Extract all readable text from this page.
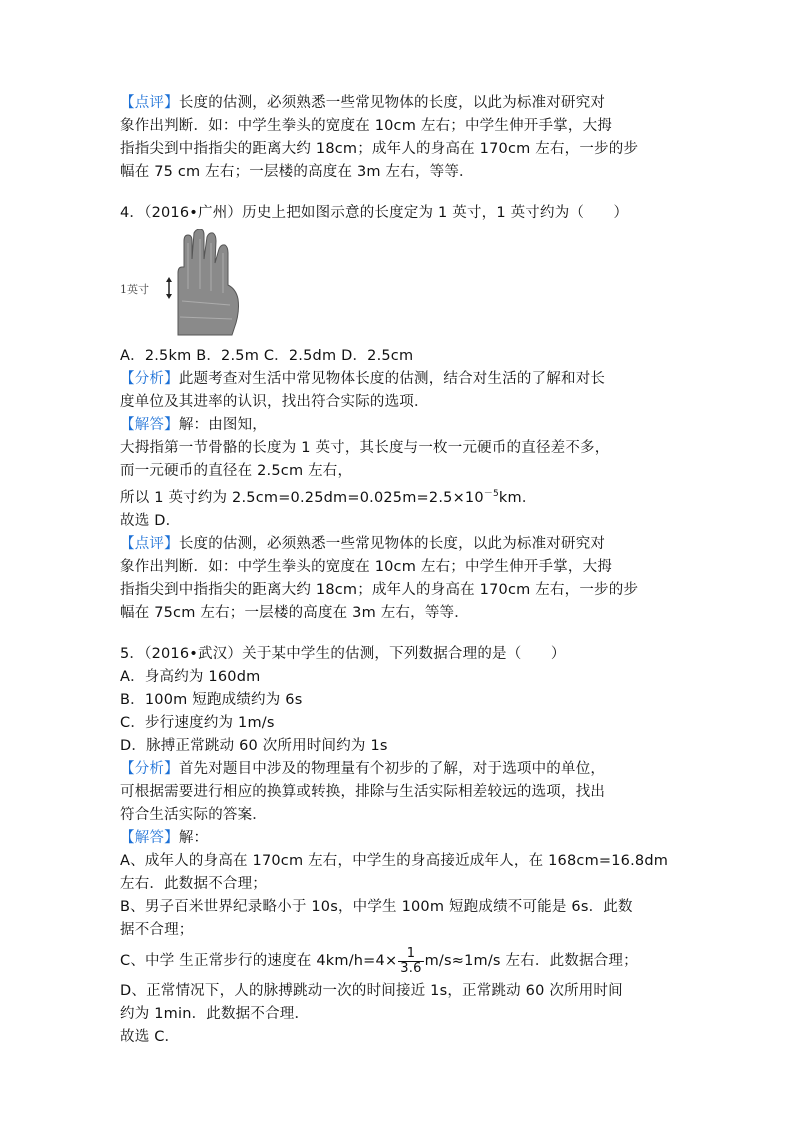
【点评】长度的估测，必须熟悉一些常见物体的长度，以此为标准对研究对
象作出判断．如：中学生拳头的宽度在 10cm 左右；中学生伸开手掌，大拇
指指尖到中指指尖的距离大约 18cm；成年人的身高在 170cm 左右，一步的步
幅在 75 cm 左右；一层楼的高度在 3m 左右，等等．
4．（2016•广州）历史上把如图示意的长度定为 1 英寸，1 英寸约为（　　）
1英寸
A．2.5km B．2.5m C．2.5dm D．2.5cm
【分析】此题考查对生活中常见物体长度的估测，结合对生活的了解和对长
度单位及其进率的认识，找出符合实际的选项．
【解答】解：由图知，
大拇指第一节骨骼的长度为 1 英寸，其长度与一枚一元硬币的直径差不多，
而一元硬币的直径在 2.5cm 左右，
所以 1 英寸约为 $2.5cm=0.25dm=0.025m=2.5\times 10^{-5}km$．
故选 D．
【点评】长度的估测，必须熟悉一些常见物体的长度，以此为标准对研究对
象作出判断．如：中学生拳头的宽度在 10cm 左右；中学生伸开手掌，大拇
指指尖到中指指尖的距离大约 18cm；成年人的身高在 170cm 左右，一步的步
幅在 75cm 左右；一层楼的高度在 3m 左右，等等．
5．（2016•武汉）关于某中学生的估测，下列数据合理的是（　　）
A．身高约为 160dm
B．100m 短跑成绩约为 6s
C．步行速度约为 1m/s
D．脉搏正常跳动 60 次所用时间约为 1s
【分析】首先对题目中涉及的物理量有个初步的了解，对于选项中的单位，
可根据需要进行相应的换算或转换，排除与生活实际相差较远的选项，找出
符合生活实际的答案．
【解答】解：
A、成年人的身高在 170cm 左右，中学生的身高接近成年人，在 168cm=16.8dm
左右．此数据不合理；
B、男子百米世界纪录略小于 10s，中学生 100m 短跑成绩不可能是 6s．此数
据不合理；
C、中学 生正常步行的速度在 $4km/h=4\times \frac{1}{3.6} m/s\approx 1m/s$ 左右．此数据合理；
D、正常情况下，人的脉搏跳动一次的时间接近 1s，正常跳动 60 次所用时间
约为 1min．此数据不合理．
故选 C．
